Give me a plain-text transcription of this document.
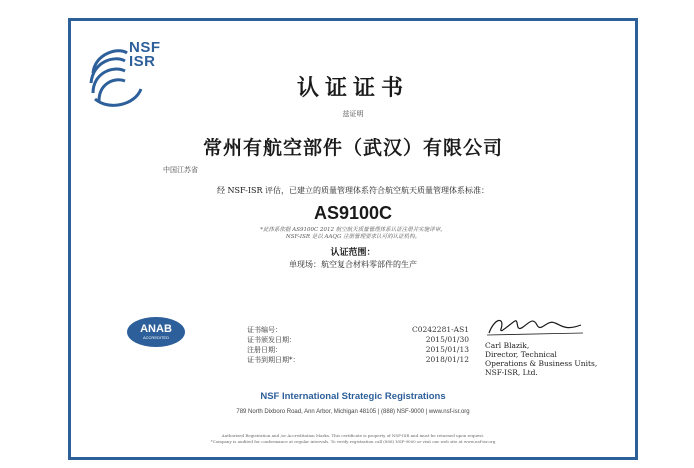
NSF
ISR
认证证书
兹证明
常州有航空部件（武汉）有限公司
中国江苏省
经 NSF-ISR 评估，已建立的质量管理体系符合航空航天质量管理体系标准：
AS9100C
*此体系依据 AS9100C 2012 航空航天质量管理体系认证注册并实施评审。
NSF-ISR 是以 AAQG 注册管理要求认可的认证机构。
认证范围：
单现场：航空复合材料零部件的生产
ANAB
ACCREDITED
证书编号：	C0242281-AS1
证书颁发日期：	2015/01/30
注册日期：	2015/01/13
证书到期日期*：	2018/01/12
Carl Blazik,
Director, Technical
Operations & Business Units,
NSF-ISR, Ltd.
NSF International Strategic Registrations
789 North Dixboro Road, Ann Arbor, Michigan 48105 | (888) NSF-9000 | www.nsf-isr.org
Authorized Registration and /or Accreditation Marks. This certificate is property of NSF-ISR and must be returned upon request.
*Company is audited for conformance at regular intervals. To verify registration call (888) NSF-9000 or visit our web site at www.nsf-isr.org
